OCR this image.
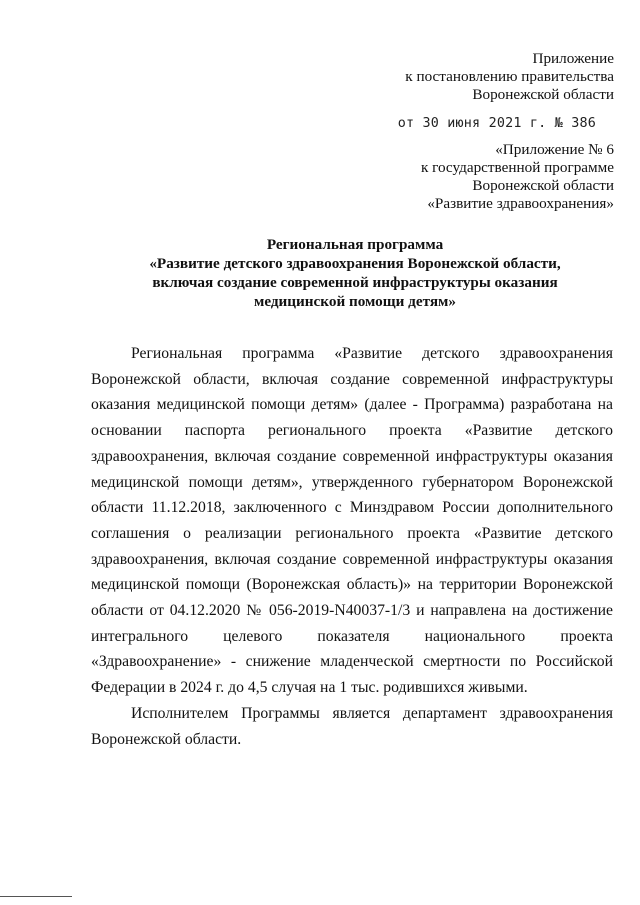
Приложение
к постановлению правительства
Воронежской области
от 30 июня 2021 г. № 386
«Приложение № 6
к государственной программе
Воронежской области
«Развитие здравоохранения»
Региональная программа
«Развитие детского здравоохранения Воронежской области,
включая создание современной инфраструктуры оказания
медицинской помощи детям»

Региональная программа «Развитие детского здравоохранения Воронежской области, включая создание современной инфраструктуры оказания медицинской помощи детям» (далее - Программа) разработана на основании паспорта регионального проекта «Развитие детского здравоохранения, включая создание современной инфраструктуры оказания медицинской помощи детям», утвержденного губернатором Воронежской области 11.12.2018, заключенного с Минздравом России дополнительного соглашения о реализации регионального проекта «Развитие детского здравоохранения, включая создание современной инфраструктуры оказания медицинской помощи (Воронежская область)» на территории Воронежской области от 04.12.2020 № 056-2019-N40037-1/3 и направлена на достижение интегрального целевого показателя национального проекта «Здравоохранение» - снижение младенческой смертности по Российской Федерации в 2024 г. до 4,5 случая на 1 тыс. родившихся живыми.

Исполнителем Программы является департамент здравоохранения Воронежской области.
